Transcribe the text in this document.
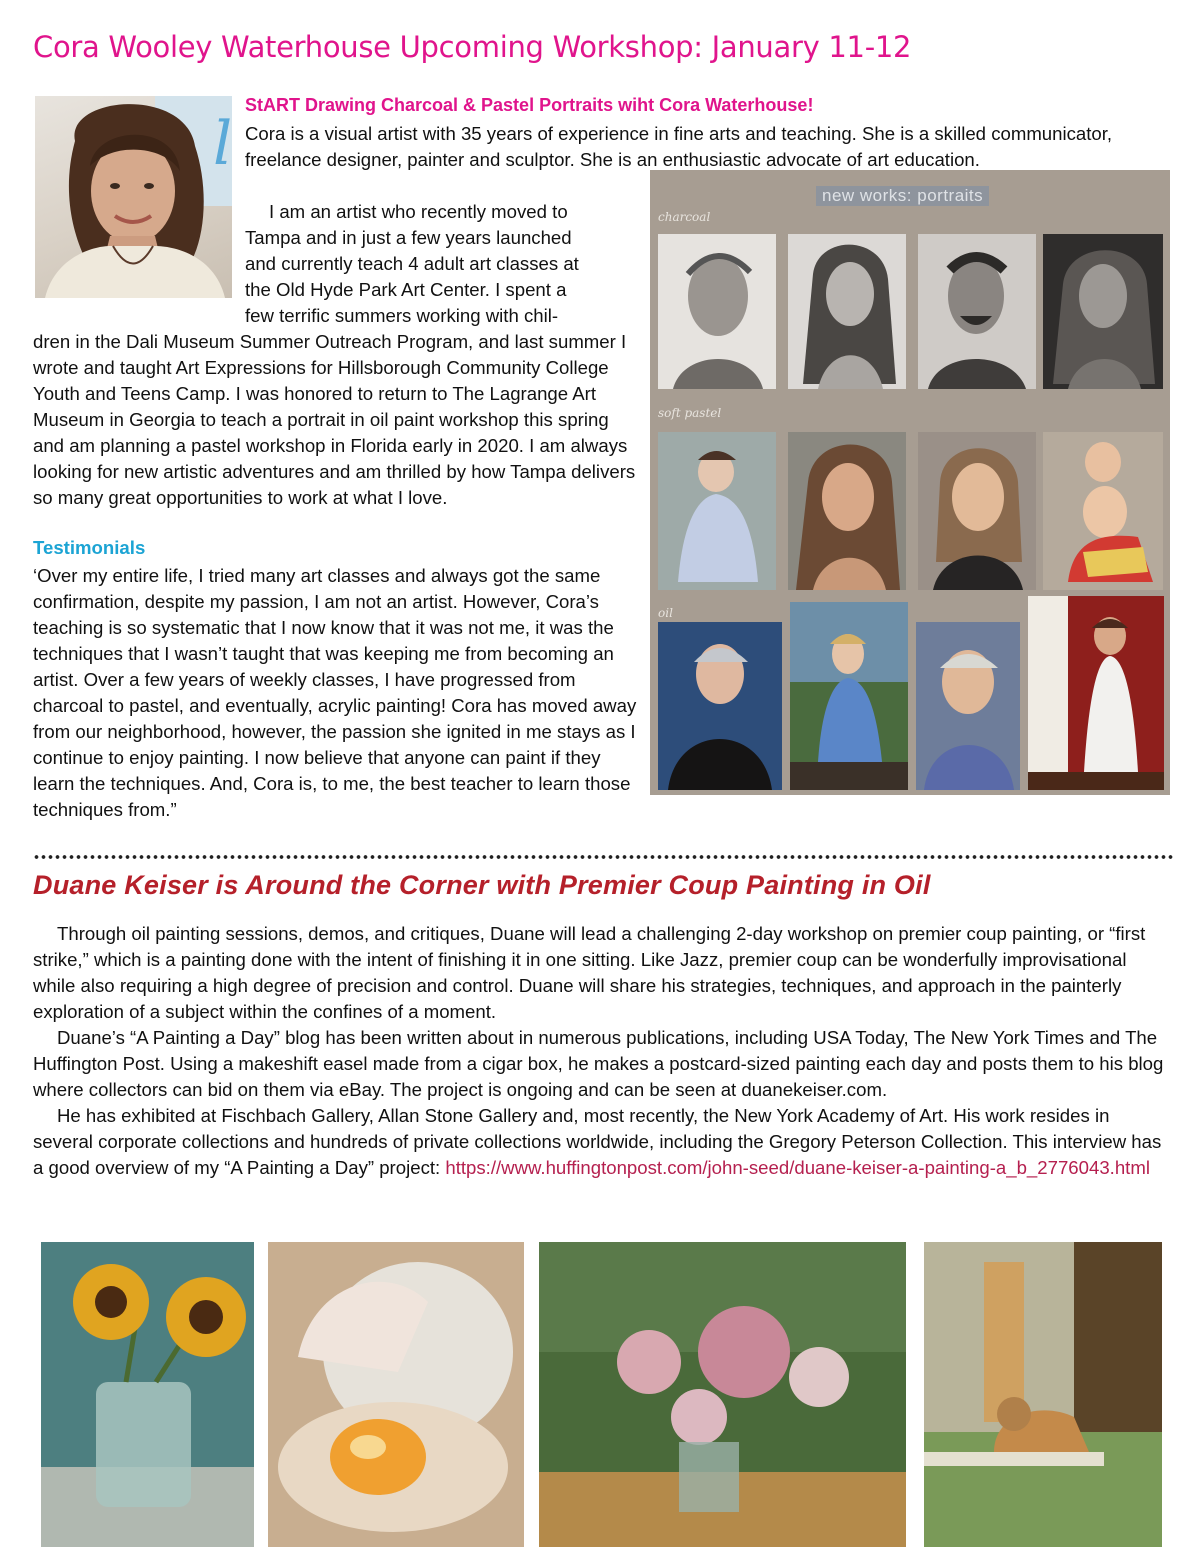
Cora Wooley Waterhouse Upcoming Workshop: January 11-12
l
StART Drawing Charcoal & Pastel Portraits wiht Cora Waterhouse!
Cora is a visual artist with 35 years of experience in fine arts and teaching. She is a skilled communicator, freelance designer, painter and sculptor. She is an enthusiastic advocate of art education.
I am an artist who recently moved to
Tampa and in just a few years launched
and currently teach 4 adult art classes at
the Old Hyde Park Art Center. I spent a
few terrific summers working with chil-
dren in the Dali Museum Summer Outreach Program, and last summer I wrote and taught Art Expressions for Hillsborough Community College Youth and Teens Camp. I was honored to return to The Lagrange Art Museum in Georgia to teach a portrait in oil paint workshop this spring and am planning a pastel workshop in Florida early in 2020. I am always looking for new artistic adventures and am thrilled by how Tampa delivers so many great opportunities to work at what I love.
Testimonials
‘Over my entire life, I tried many art classes and always got the same confirmation, despite my passion, I am not an artist. However, Cora’s teaching is so systematic that I now know that it was not me, it was the techniques that I wasn’t taught that was keeping me from becoming an artist. Over a few years of weekly classes, I have progressed from charcoal to pastel, and eventually, acrylic painting! Cora has moved away from our neighborhood, however, the passion she ignited in me stays as I continue to enjoy painting. I now believe that anyone can paint if they learn the techniques. And, Cora is, to me, the best teacher to learn those techniques from.”
new works: portraits
charcoal
soft pastel
oil
Duane Keiser is Around the Corner with Premier Coup Painting in Oil
Through oil painting sessions, demos, and critiques, Duane will lead a challenging 2-day workshop on premier coup painting, or “first strike,” which is a painting done with the intent of finishing it in one sitting. Like Jazz, premier coup can be wonderfully improvisational while also requiring a high degree of precision and control. Duane will share his strategies, techniques, and approach in the painterly exploration of a subject within the confines of a moment.
Duane’s “A Painting a Day” blog has been written about in numerous publications, including USA Today, The New York Times and The Huffington Post. Using a makeshift easel made from a cigar box, he makes a postcard-sized painting each day and posts them to his blog where collectors can bid on them via eBay. The project is ongoing and can be seen at duanekeiser.com.
He has exhibited at Fischbach Gallery, Allan Stone Gallery and, most recently, the New York Academy of Art. His work resides in several corporate collections and hundreds of private collections worldwide, including the Gregory Peterson Collection. This interview has a good overview of my “A Painting a Day” project: https://www.huffingtonpost.com/john-seed/duane-keiser-a-painting-a_b_2776043.html
